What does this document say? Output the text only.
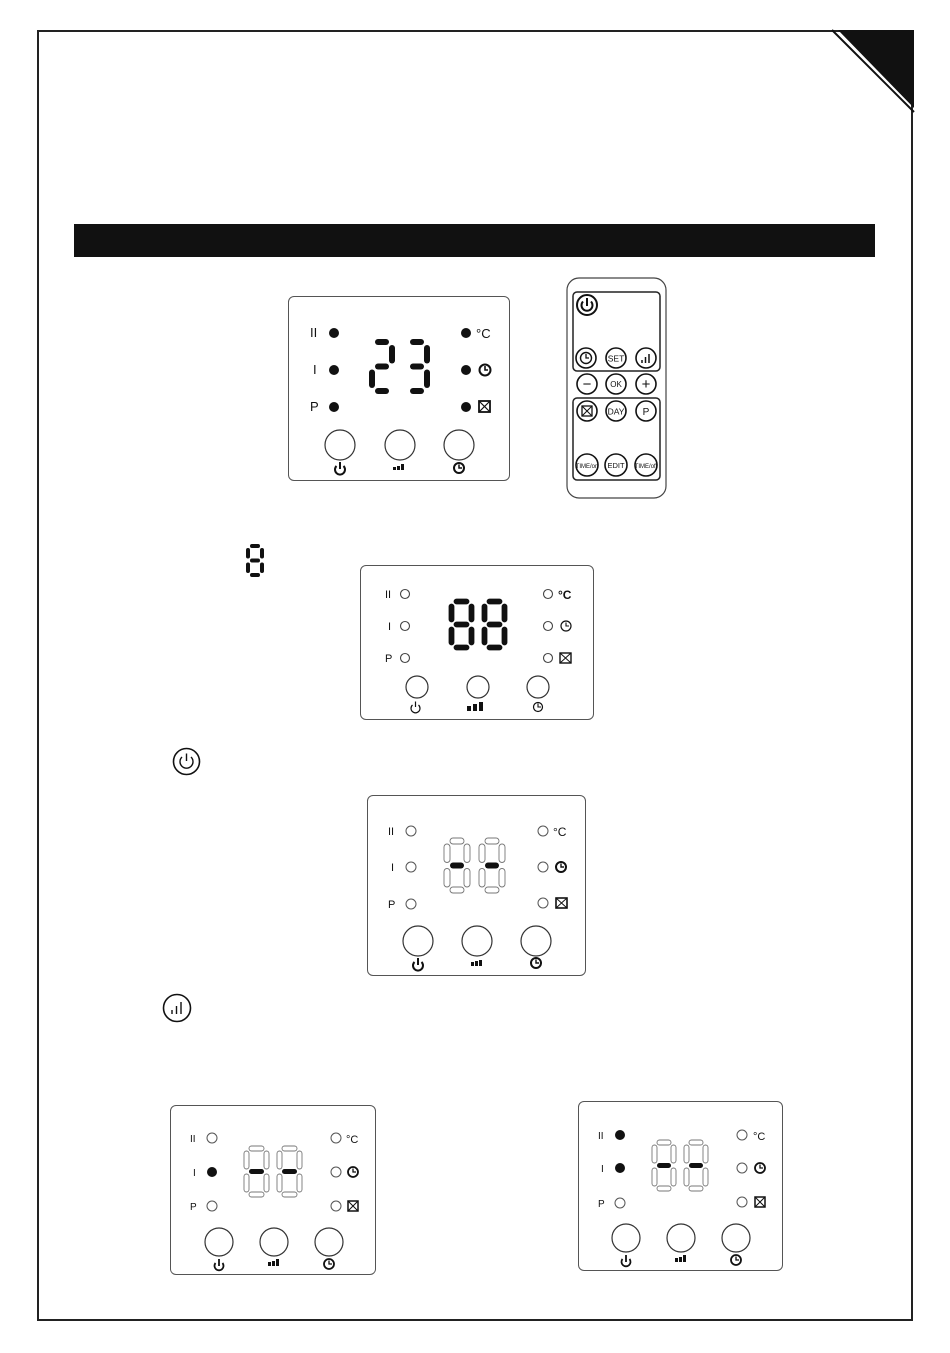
II
I
P
°C
23
SET
− OK +
DAY P
TIME/on EDIT TIME/off
II
I
P
°C
88
II
I
P
°C
--
II
I
P
°C
--
II
I
P
°C
--
